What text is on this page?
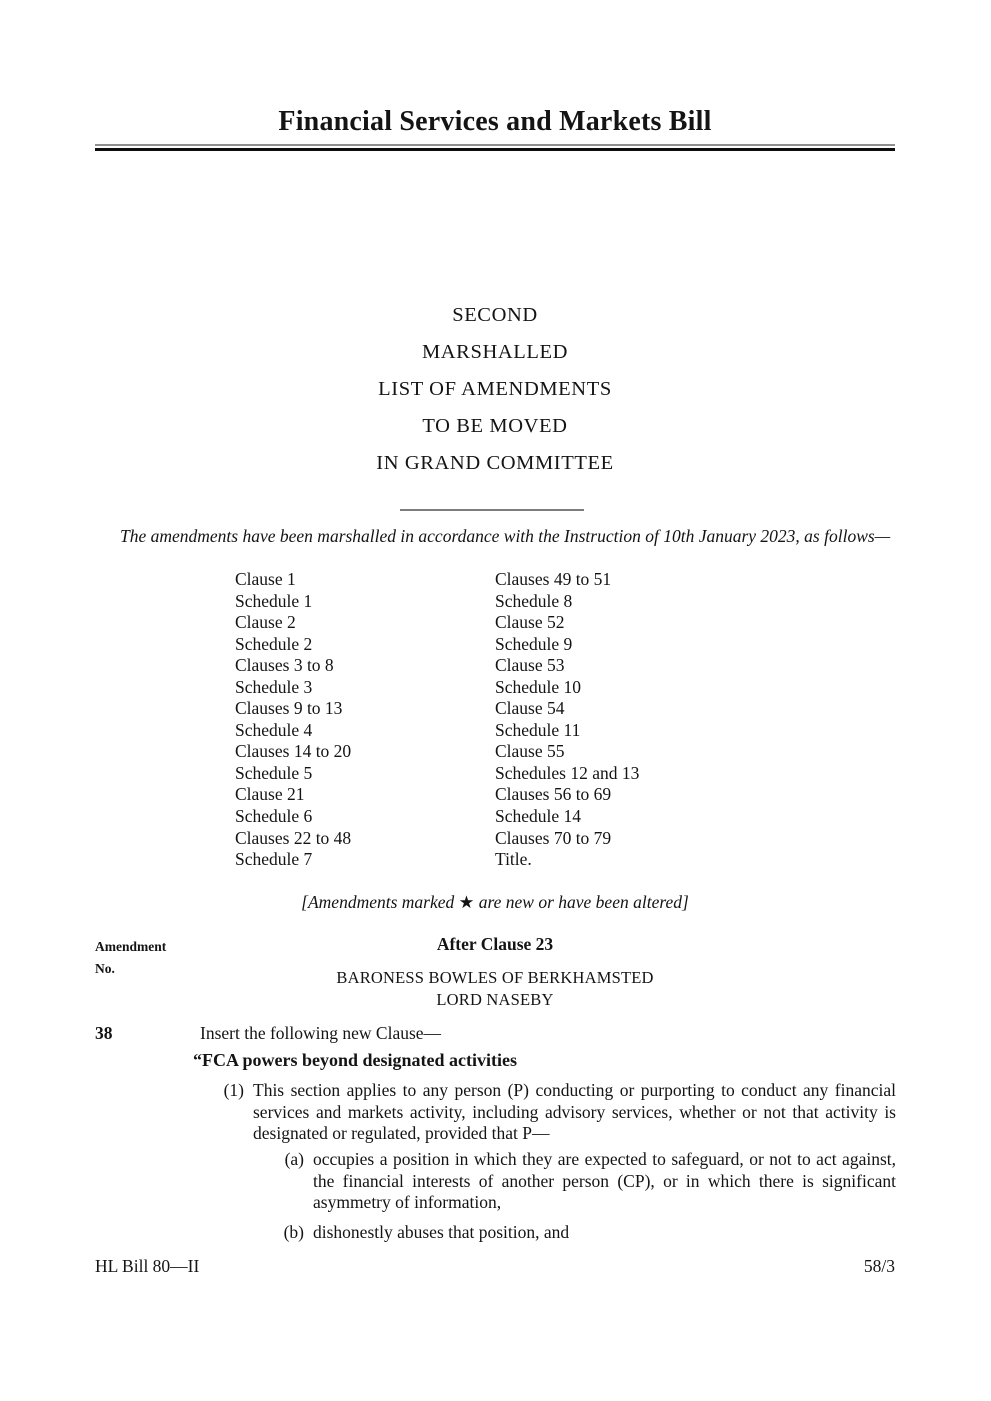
Financial Services and Markets Bill
SECOND
MARSHALLED
LIST OF AMENDMENTS
TO BE MOVED
IN GRAND COMMITTEE
The amendments have been marshalled in accordance with the Instruction of 10th January 2023, as follows—
Clause 1
Schedule 1
Clause 2
Schedule 2
Clauses 3 to 8
Schedule 3
Clauses 9 to 13
Schedule 4
Clauses 14 to 20
Schedule 5
Clause 21
Schedule 6
Clauses 22 to 48
Schedule 7
Clauses 49 to 51
Schedule 8
Clause 52
Schedule 9
Clause 53
Schedule 10
Clause 54
Schedule 11
Clause 55
Schedules 12 and 13
Clauses 56 to 69
Schedule 14
Clauses 70 to 79
Title.
[Amendments marked ★ are new or have been altered]
Amendment
No.
After Clause 23
BARONESS BOWLES OF BERKHAMSTED
LORD NASEBY
38	Insert the following new Clause—
“FCA powers beyond designated activities
(1) This section applies to any person (P) conducting or purporting to conduct any financial services and markets activity, including advisory services, whether or not that activity is designated or regulated, provided that P—
(a) occupies a position in which they are expected to safeguard, or not to act against, the financial interests of another person (CP), or in which there is significant asymmetry of information,
(b) dishonestly abuses that position, and
HL Bill 80—II	58/3
